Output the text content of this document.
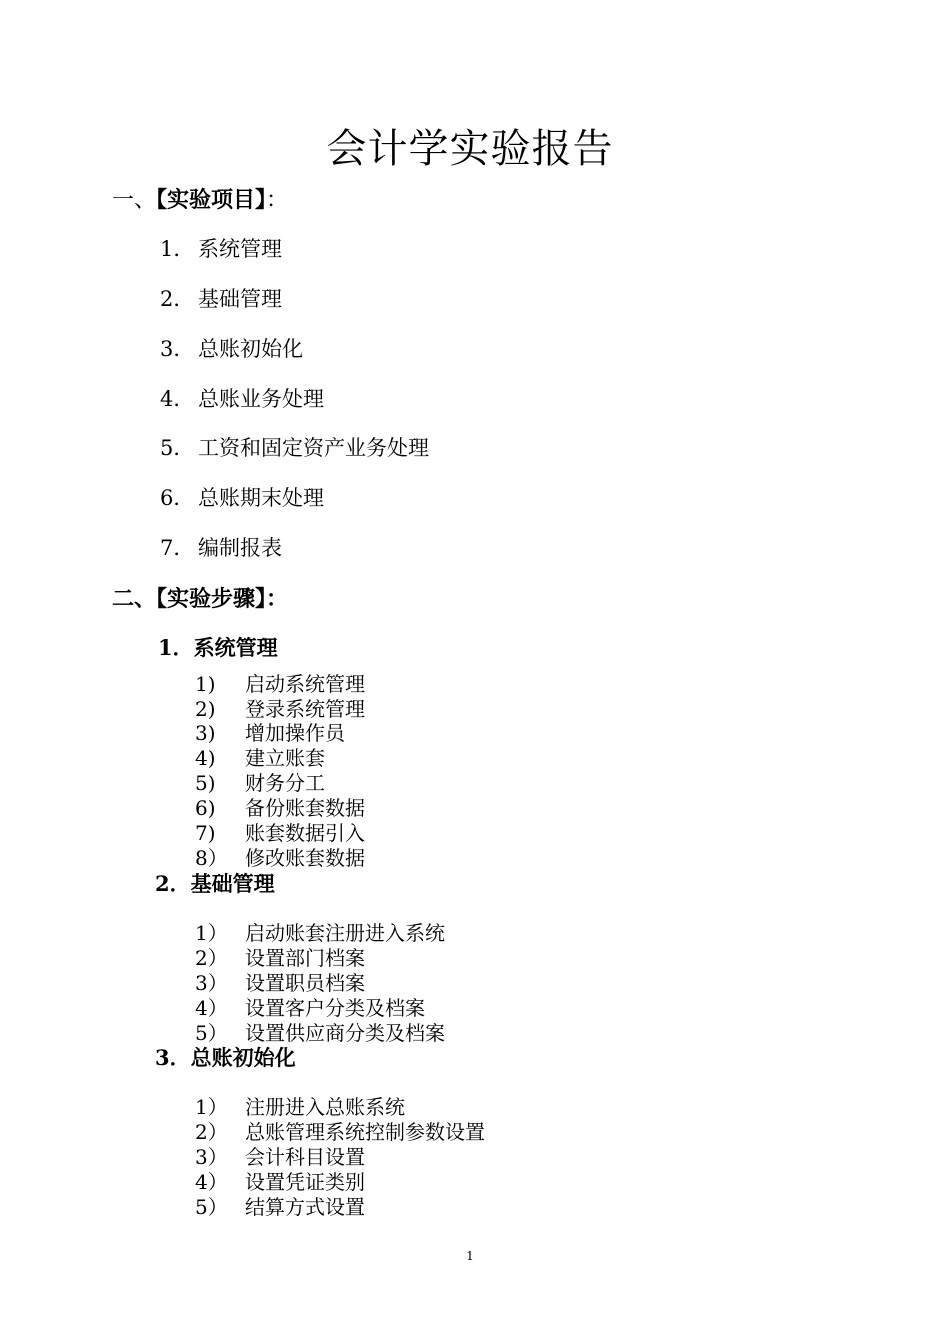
会计学实验报告
一、【实验项目】：
1． 系统管理
2． 基础管理
3． 总账初始化
4． 总账业务处理
5． 工资和固定资产业务处理
6． 总账期末处理
7． 编制报表
二、【实验步骤】：
1．系统管理
1) 启动系统管理
2) 登录系统管理
3) 增加操作员
4) 建立账套
5) 财务分工
6) 备份账套数据
7) 账套数据引入
8） 修改账套数据
2．基础管理
1） 启动账套注册进入系统
2） 设置部门档案
3） 设置职员档案
4） 设置客户分类及档案
5） 设置供应商分类及档案
3．总账初始化
1） 注册进入总账系统
2） 总账管理系统控制参数设置
3） 会计科目设置
4） 设置凭证类别
5） 结算方式设置
1
